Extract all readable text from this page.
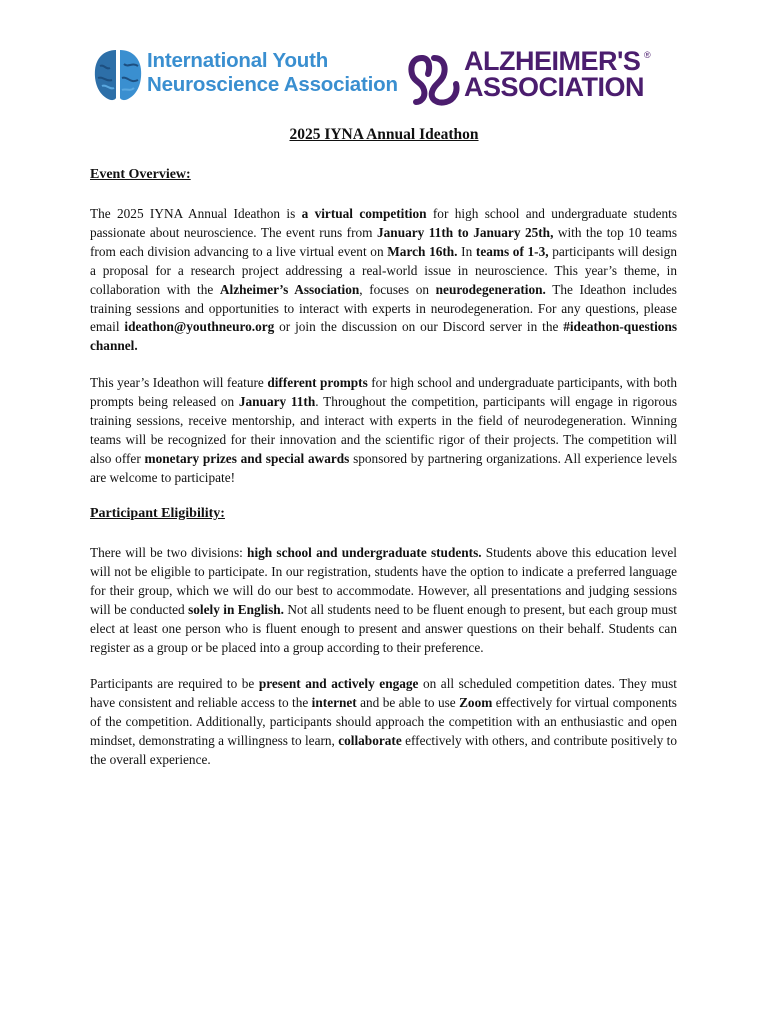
International Youth
Neuroscience Association
ALZHEIMER'S
ASSOCIATION
®
2025 IYNA Annual Ideathon
Event Overview:

The 2025 IYNA Annual Ideathon is a virtual competition for high school and undergraduate students passionate about neuroscience. The event runs from January 11th to January 25th, with the top 10 teams from each division advancing to a live virtual event on March 16th. In teams of 1-3, participants will design a proposal for a research project addressing a real-world issue in neuroscience. This year’s theme, in collaboration with the Alzheimer’s Association, focuses on neurodegeneration. The Ideathon includes training sessions and opportunities to interact with experts in neurodegeneration. For any questions, please email ideathon@youthneuro.org or join the discussion on our Discord server in the #ideathon-questions channel.

This year’s Ideathon will feature different prompts for high school and undergraduate participants, with both prompts being released on January 11th. Throughout the competition, participants will engage in rigorous training sessions, receive mentorship, and interact with experts in the field of neurodegeneration. Winning teams will be recognized for their innovation and the scientific rigor of their projects. The competition will also offer monetary prizes and special awards sponsored by partnering organizations. All experience levels are welcome to participate!

Participant Eligibility:

There will be two divisions: high school and undergraduate students. Students above this education level will not be eligible to participate. In our registration, students have the option to indicate a preferred language for their group, which we will do our best to accommodate. However, all presentations and judging sessions will be conducted solely in English. Not all students need to be fluent enough to present, but each group must elect at least one person who is fluent enough to present and answer questions on their behalf. Students can register as a group or be placed into a group according to their preference.

Participants are required to be present and actively engage on all scheduled competition dates. They must have consistent and reliable access to the internet and be able to use Zoom effectively for virtual components of the competition. Additionally, participants should approach the competition with an enthusiastic and open mindset, demonstrating a willingness to learn, collaborate effectively with others, and contribute positively to the overall experience.
